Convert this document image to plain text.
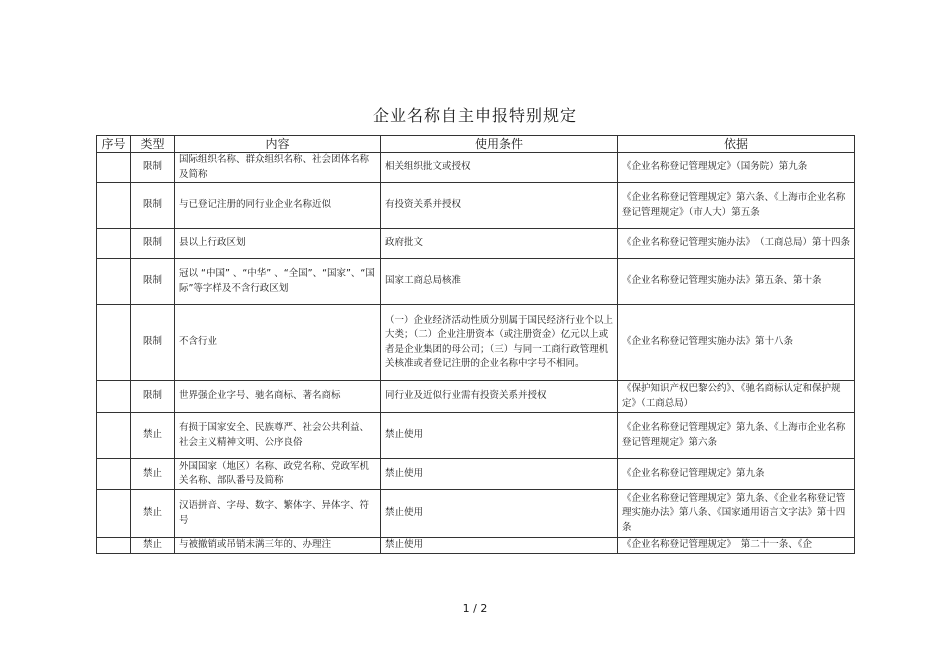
企业名称自主申报特别规定
序号	类型	内容	使用条件	依据
	限制	国际组织名称、群众组织名称、社会团体名称及简称	相关组织批文或授权	《企业名称登记管理规定》（国务院）第九条
	限制	与已登记注册的同行业企业名称近似	有投资关系并授权	《企业名称登记管理规定》第六条、《上海市企业名称登记管理规定》（市人大）第五条
	限制	县以上行政区划	政府批文	《企业名称登记管理实施办法》　（工商总局）第十四条
	限制	冠以 “中国” 、“中华” 、“全国”、“国家”、“国际”等字样及不含行政区划	国家工商总局核准	《企业名称登记管理实施办法》第五条、第十条
	限制	不含行业	（一）企业经济活动性质分别属于国民经济行业个以上大类；（二）企业注册资本（或注册资金）亿元以上或者是企业集团的母公司；（三）与同一工商行政管理机关核准或者登记注册的企业名称中字号不相同。	《企业名称登记管理实施办法》第十八条
	限制	世界强企业字号、驰名商标、著名商标	同行业及近似行业需有投资关系并授权	《保护知识产权巴黎公约》、《驰名商标认定和保护规定》（工商总局）
	禁止	有损于国家安全、民族尊严、社会公共利益、社会主义精神文明、公序良俗	禁止使用	《企业名称登记管理规定》第九条、《上海市企业名称登记管理规定》第六条
	禁止	外国国家（地区）名称、政党名称、党政军机关名称、部队番号及简称	禁止使用	《企业名称登记管理规定》第九条
	禁止	汉语拼音、字母、数字、繁体字、异体字、符号	禁止使用	《企业名称登记管理规定》第九条、《企业名称登记管理实施办法》第八条、《国家通用语言文字法》第十四条
	禁止	与被撤销或吊销未满三年的、办理注	禁止使用	《企业名称登记管理规定》　第二十一条、《企
1 / 2
